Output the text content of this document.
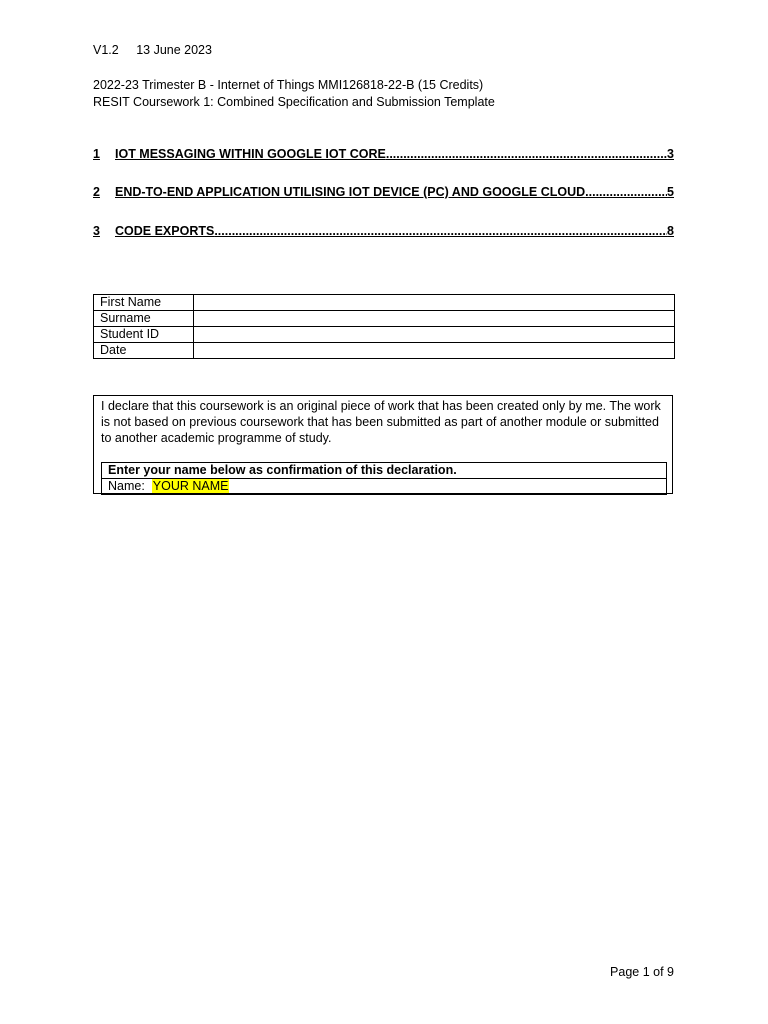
V1.2 13 June 2023
2022-23 Trimester B - Internet of Things MMI126818-22-B (15 Credits)
RESIT Coursework 1: Combined Specification and Submission Template
1	IOT MESSAGING WITHIN GOOGLE IOT CORE .....	3
2	END-TO-END APPLICATION UTILISING IOT DEVICE (PC) AND GOOGLE CLOUD .....	5
3	CODE EXPORTS .....	8
First Name	
Surname	
Student ID	
Date	
I declare that this coursework is an original piece of work that has been created only by me. The work is not based on previous coursework that has been submitted as part of another module or submitted to another academic programme of study.
Enter your name below as confirmation of this declaration.
Name: YOUR NAME
Page 1 of 9
